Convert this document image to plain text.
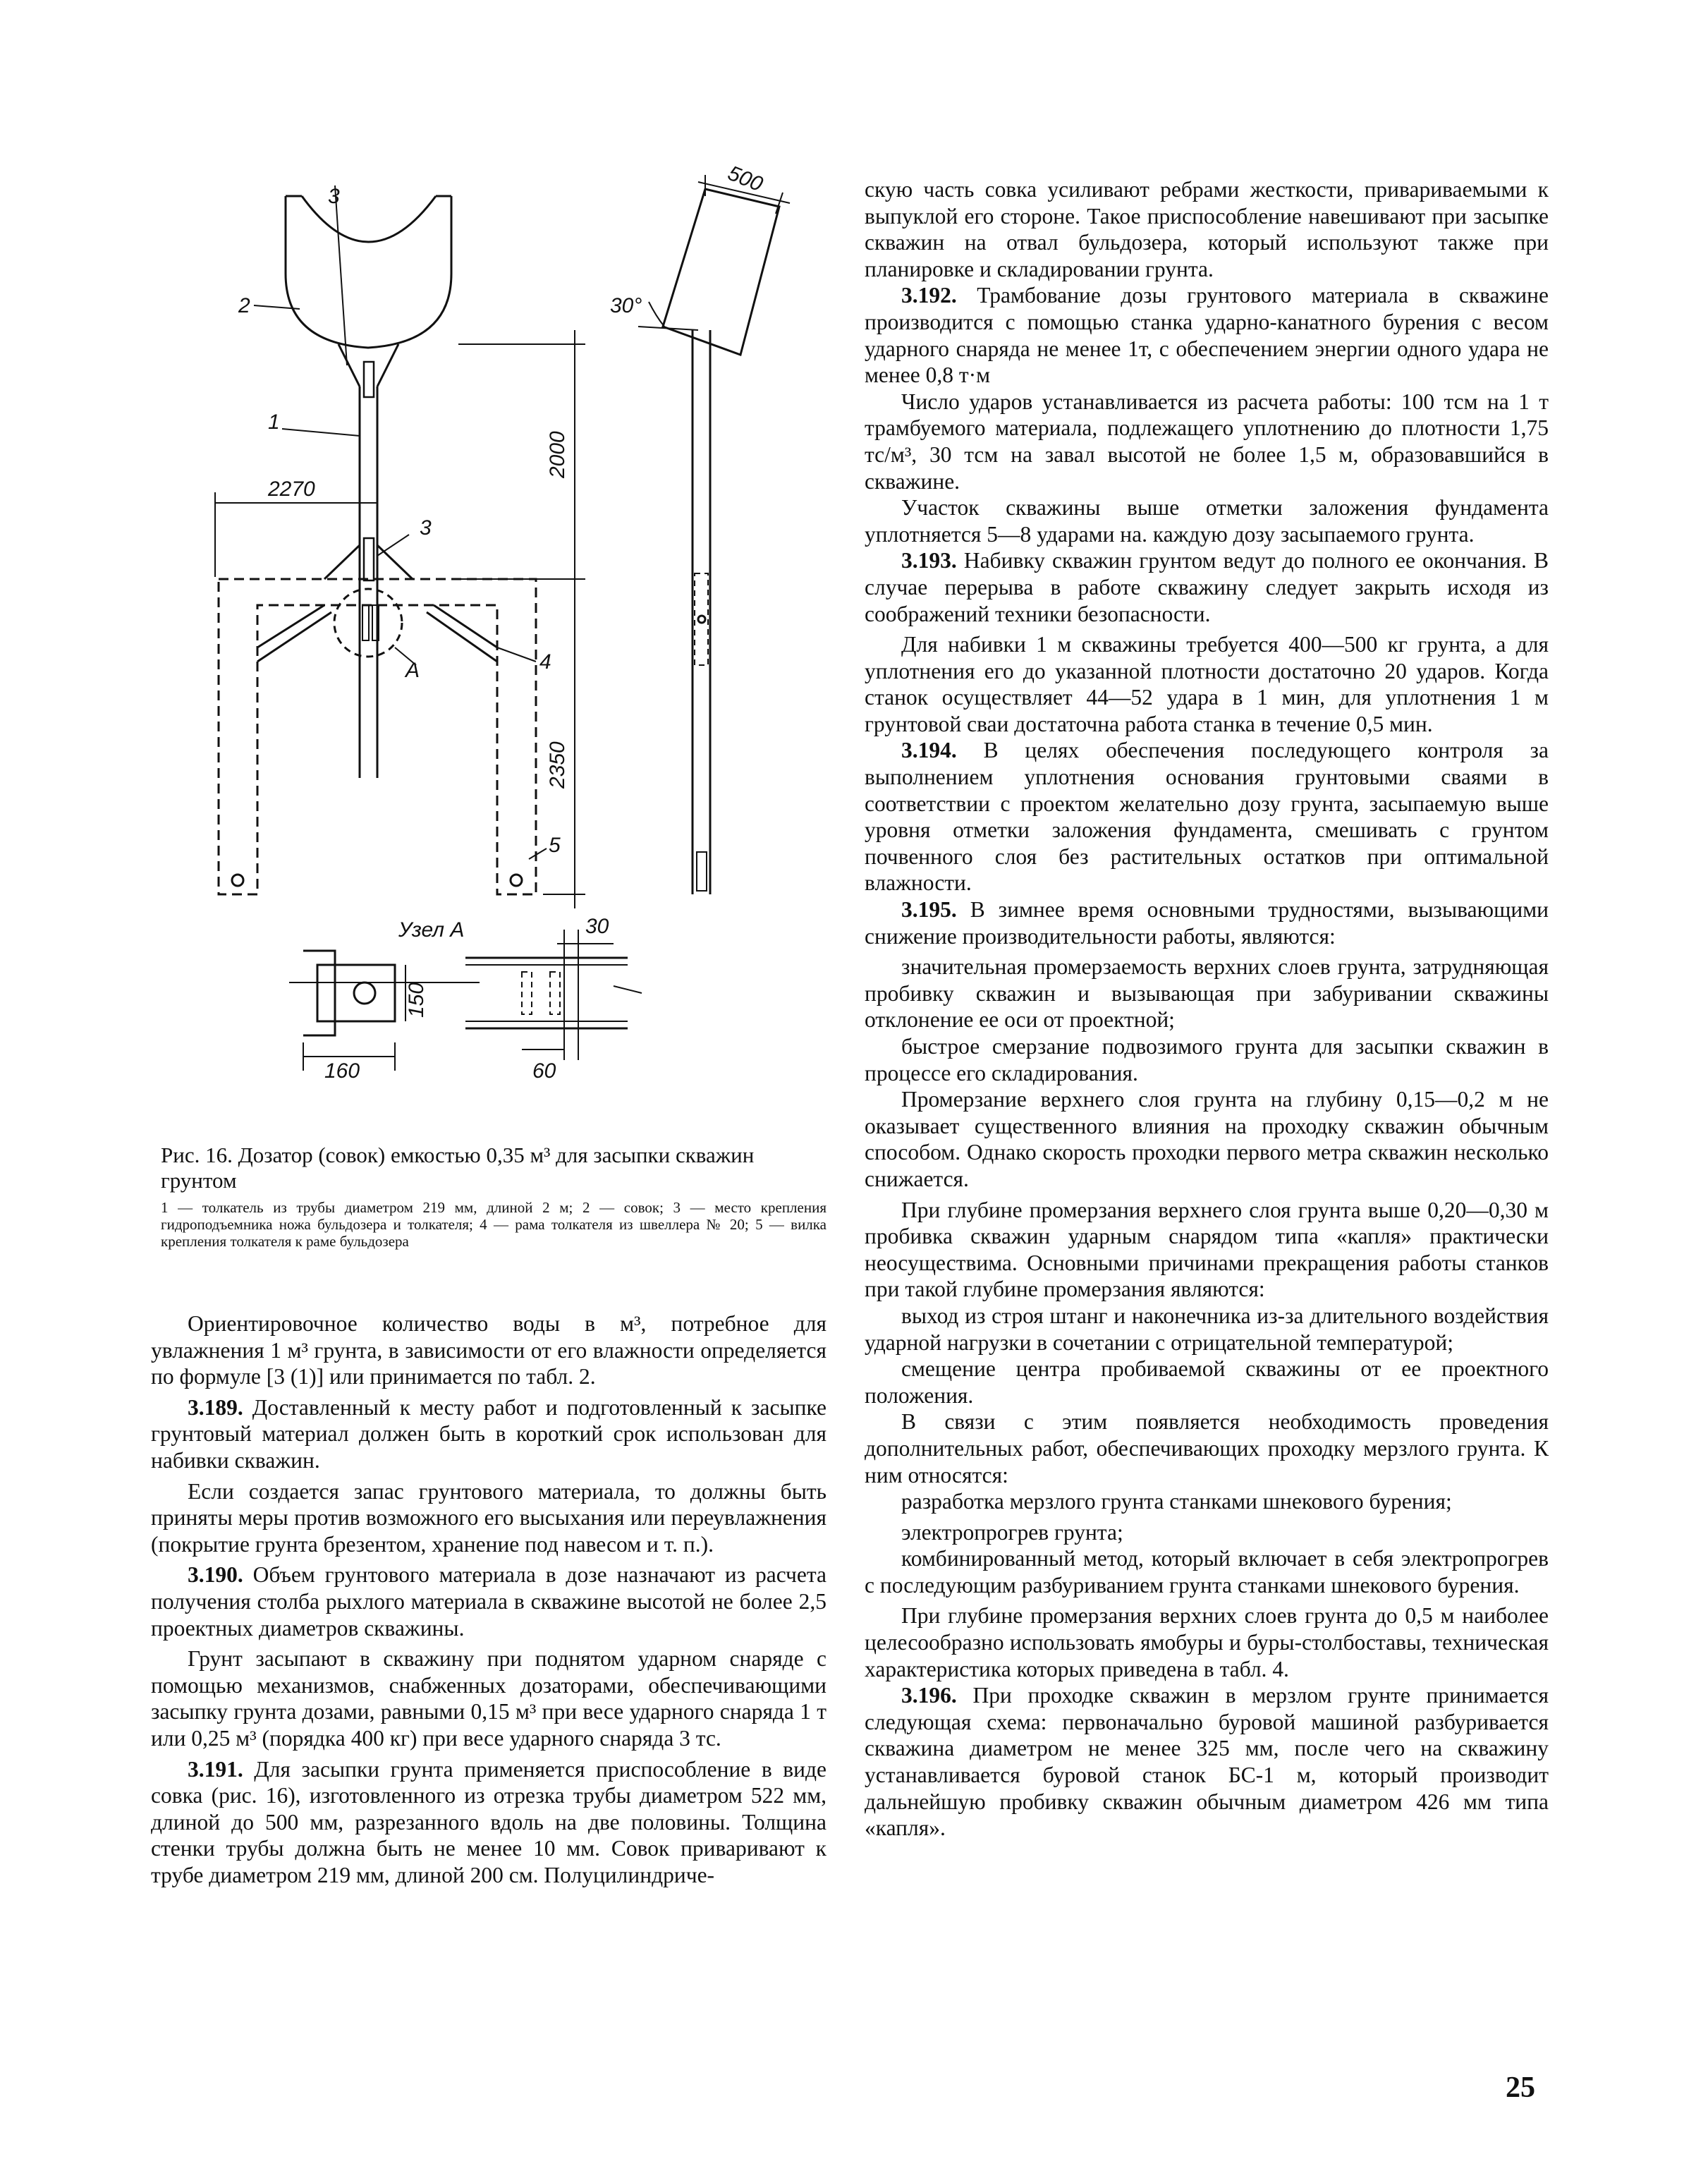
3
2
1
3
A	4
5
2270
2000
2350
500
30°
30
150
160	60
Узел А

Рис. 16. Дозатор (совок) емкостью 0,35 м³ для засыпки скважин грунтом

1 — толкатель из трубы диаметром 219 мм, длиной 2 м; 2 — совок; 3 — место крепления гидроподъемника ножа бульдозера и толкателя; 4 — рама толкателя из швеллера № 20; 5 — вилка крепления толкателя к раме бульдозера

Ориентировочное количество воды в м³, потребное для увлажнения 1 м³ грунта, в зависимости от его влажности определяется по формуле [3 (1)] или принимается по табл. 2.

3.189. Доставленный к месту работ и подготовленный к засыпке грунтовый материал должен быть в короткий срок использован для набивки скважин.

Если создается запас грунтового материала, то должны быть приняты меры против возможного его высыхания или переувлажнения (покрытие грунта брезентом, хранение под навесом и т. п.).

3.190. Объем грунтового материала в дозе назначают из расчета получения столба рыхлого материала в скважине высотой не более 2,5 проектных диаметров скважины.

Грунт засыпают в скважину при поднятом ударном снаряде с помощью механизмов, снабженных дозаторами, обеспечивающими засыпку грунта дозами, равными 0,15 м³ при весе ударного снаряда 1 т или 0,25 м³ (порядка 400 кг) при весе ударного снаряда 3 тс.

3.191. Для засыпки грунта применяется приспособление в виде совка (рис. 16), изготовленного из отрезка трубы диаметром 522 мм, длиной до 500 мм, разрезанного вдоль на две половины. Толщина стенки трубы должна быть не менее 10 мм. Совок приваривают к трубе диаметром 219 мм, длиной 200 см. Полуцилиндриче-

скую часть совка усиливают ребрами жесткости, привариваемыми к выпуклой его стороне. Такое приспособление навешивают при засыпке скважин на отвал бульдозера, который используют также при планировке и складировании грунта.

3.192. Трамбование дозы грунтового материала в скважине производится с помощью станка ударно-канатного бурения с весом ударного снаряда не менее 1т, с обеспечением энергии одного удара не менее 0,8 т·м

Число ударов устанавливается из расчета работы: 100 тсм на 1 т трамбуемого материала, подлежащего уплотнению до плотности 1,75 тс/м³, 30 тсм на завал высотой не более 1,5 м, образовавшийся в скважине.

Участок скважины выше отметки заложения фундамента уплотняется 5—8 ударами на. каждую дозу засыпаемого грунта.

3.193. Набивку скважин грунтом ведут до полного ее окончания. В случае перерыва в работе скважину следует закрыть исходя из соображений техники безопасности.

Для набивки 1 м скважины требуется 400—500 кг грунта, а для уплотнения его до указанной плотности достаточно 20 ударов. Когда станок осуществляет 44—52 удара в 1 мин, для уплотнения 1 м грунтовой сваи достаточна работа станка в течение 0,5 мин.

3.194. В целях обеспечения последующего контроля за выполнением уплотнения основания грунтовыми сваями в соответствии с проектом желательно дозу грунта, засыпаемую выше уровня отметки заложения фундамента, смешивать с грунтом почвенного слоя без растительных остатков при оптимальной влажности.

3.195. В зимнее время основными трудностями, вызывающими снижение производительности работы, являются:

значительная промерзаемость верхних слоев грунта, затрудняющая пробивку скважин и вызывающая при забуривании скважины отклонение ее оси от проектной;

быстрое смерзание подвозимого грунта для засыпки скважин в процессе его складирования.

Промерзание верхнего слоя грунта на глубину 0,15—0,2 м не оказывает существенного влияния на проходку скважин обычным способом. Однако скорость проходки первого метра скважин несколько снижается.

При глубине промерзания верхнего слоя грунта выше 0,20—0,30 м пробивка скважин ударным снарядом типа «капля» практически неосуществима. Основными причинами прекращения работы станков при такой глубине промерзания являются:

выход из строя штанг и наконечника из-за длительного воздействия ударной нагрузки в сочетании с отрицательной температурой;

смещение центра пробиваемой скважины от ее проектного положения.

В связи с этим появляется необходимость проведения дополнительных работ, обеспечивающих проходку мерзлого грунта. К ним относятся:

разработка мерзлого грунта станками шнекового бурения;

электропрогрев грунта;

комбинированный метод, который включает в себя электропрогрев с последующим разбуриванием грунта станками шнекового бурения.

При глубине промерзания верхних слоев грунта до 0,5 м наиболее целесообразно использовать ямобуры и буры-столбоставы, техническая характеристика которых приведена в табл. 4.

3.196. При проходке скважин в мерзлом грунте принимается следующая схема: первоначально буровой машиной разбуривается скважина диаметром не менее 325 мм, после чего на скважину устанавливается буровой станок БС-1 м, который производит дальнейшую пробивку скважин обычным диаметром 426 мм типа «капля».

25
